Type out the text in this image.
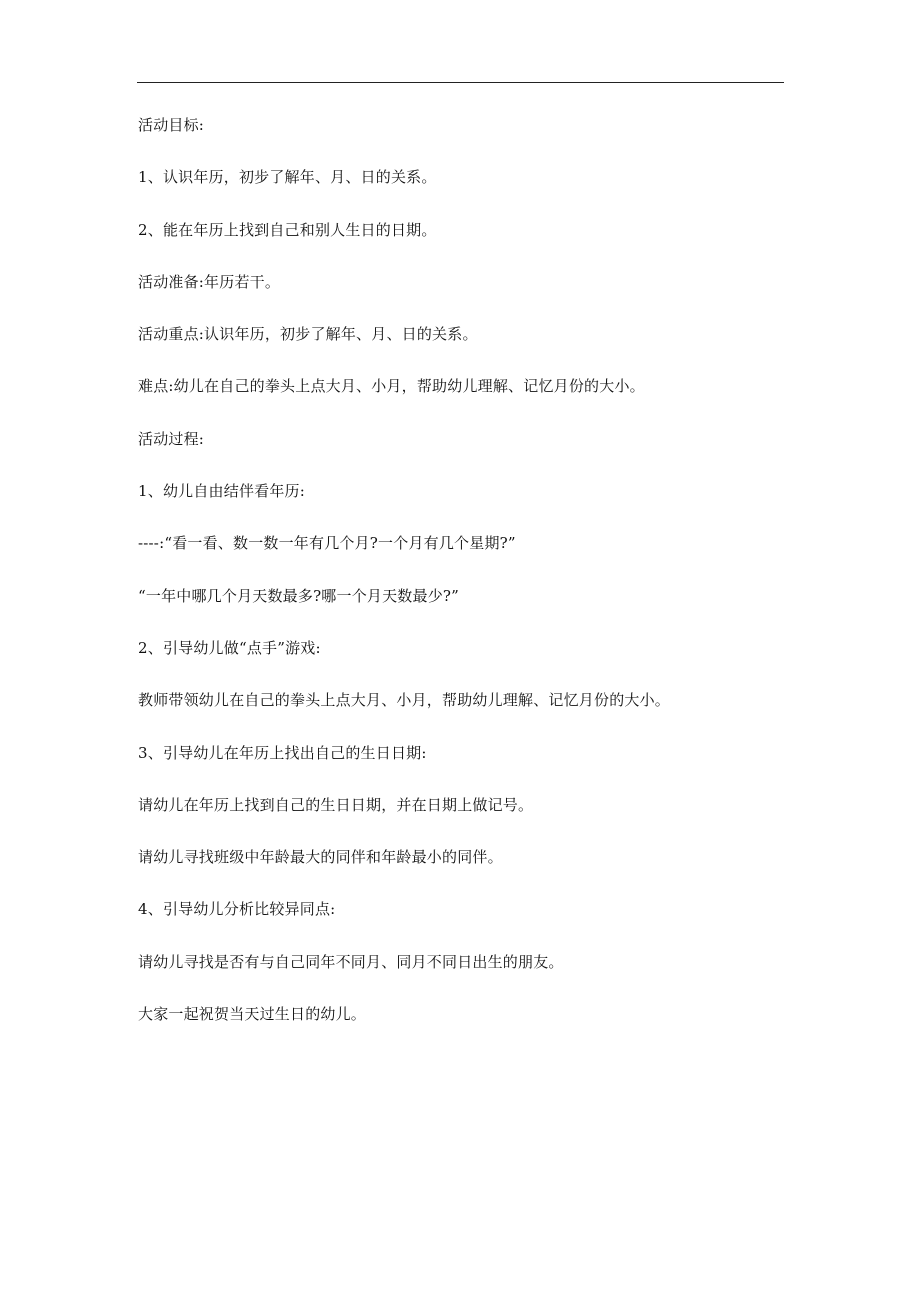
活动目标:

1、认识年历，初步了解年、月、日的关系。

2、能在年历上找到自己和别人生日的日期。

活动准备:年历若干。

活动重点:认识年历，初步了解年、月、日的关系。

难点:幼儿在自己的拳头上点大月、小月，帮助幼儿理解、记忆月份的大小。

活动过程:

1、幼儿自由结伴看年历:

----:“看一看、数一数一年有几个月?一个月有几个星期?”

“一年中哪几个月天数最多?哪一个月天数最少?”

2、引导幼儿做“点手”游戏:

教师带领幼儿在自己的拳头上点大月、小月，帮助幼儿理解、记忆月份的大小。

3、引导幼儿在年历上找出自己的生日日期:

请幼儿在年历上找到自己的生日日期，并在日期上做记号。

请幼儿寻找班级中年龄最大的同伴和年龄最小的同伴。

4、引导幼儿分析比较异同点:

请幼儿寻找是否有与自己同年不同月、同月不同日出生的朋友。

大家一起祝贺当天过生日的幼儿。
